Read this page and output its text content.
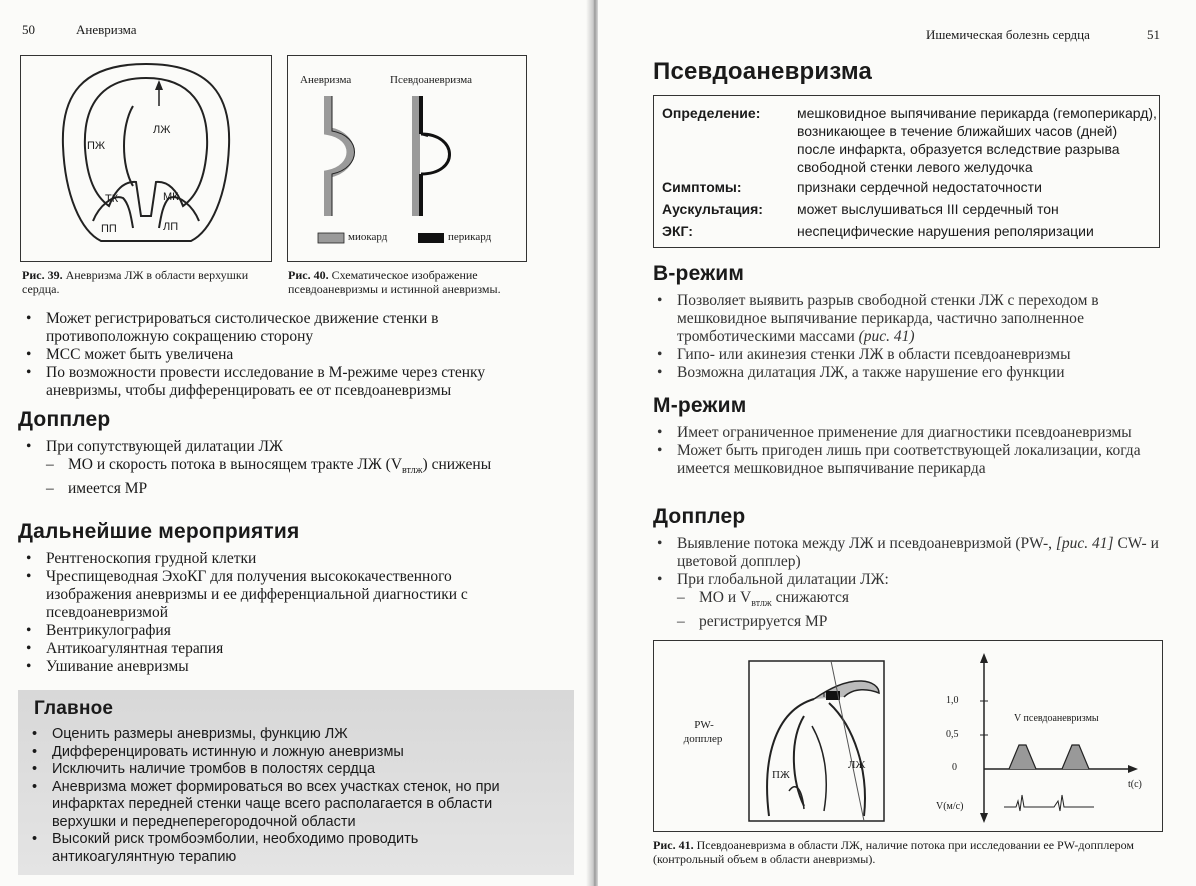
50	Аневризма
ЛЖ
ПЖ
ТК	МК
ПП	ЛП
Рис. 39. Аневризма ЛЖ в области верхушки сердца.
Аневризма	Псевдоаневризма
миокард	перикард
Рис. 40. Схематическое изображение псевдоаневризмы и истинной аневризмы.
• Может регистрироваться систолическое движение стенки в противоположную сокращению сторону
• МСС может быть увеличена
• По возможности провести исследование в М-режиме через стенку аневризмы, чтобы дифференцировать ее от псевдоаневризмы
Допплер
• При сопутствующей дилатации ЛЖ
– МО и скорость потока в выносящем тракте ЛЖ $(V_{втлж})$ снижены
– имеется МР
Дальнейшие мероприятия
• Рентгеноскопия грудной клетки
• Чреспищеводная ЭхоКГ для получения высококачественного изображения аневризмы и ее дифференциальной диагностики с псевдоаневризмой
• Вентрикулография
• Антикоагулянтная терапия
• Ушивание аневризмы
Главное
• Оценить размеры аневризмы, функцию ЛЖ
• Дифференцировать истинную и ложную аневризмы
• Исключить наличие тромбов в полостях сердца
• Аневризма может формироваться во всех участках стенок, но при инфарктах передней стенки чаще всего располагается в области верхушки и переднеперегородочной области
• Высокий риск тромбоэмболии, необходимо проводить антикоагулянтную терапию
Ишемическая болезнь сердца	51
Псевдоаневризма
Определение:	мешковидное выпячивание перикарда (гемоперикард), возникающее в течение ближайших часов (дней) после инфаркта, образуется вследствие разрыва свободной стенки левого желудочка
Симптомы:	признаки сердечной недостаточности
Аускультация:	может выслушиваться III сердечный тон
ЭКГ:	неспецифические нарушения реполяризации
В-режим
• Позволяет выявить разрыв свободной стенки ЛЖ с переходом в мешковидное выпячивание перикарда, частично заполненное тромботическими массами (рис. 41)
• Гипо- или акинезия стенки ЛЖ в области псевдоаневризмы
• Возможна дилатация ЛЖ, а также нарушение его функции
М-режим
• Имеет ограниченное применение для диагностики псевдоаневризмы
• Может быть пригоден лишь при соответствующей локализации, когда имеется мешковидное выпячивание перикарда
Допплер
• Выявление потока между ЛЖ и псевдоаневризмой (PW-, [рис. 41] CW- и цветовой допплер)
• При глобальной дилатации ЛЖ:
– МО и $V_{втлж}$ снижаются
– регистрируется МР
PW-
допплер
ПЖ
ЛЖ
1,0
0,5
0
V псевдоаневризмы
t(c)
V(м/с)
Рис. 41. Псевдоаневризма в области ЛЖ, наличие потока при исследовании ее PW-допплером (контрольный объем в области аневризмы).
